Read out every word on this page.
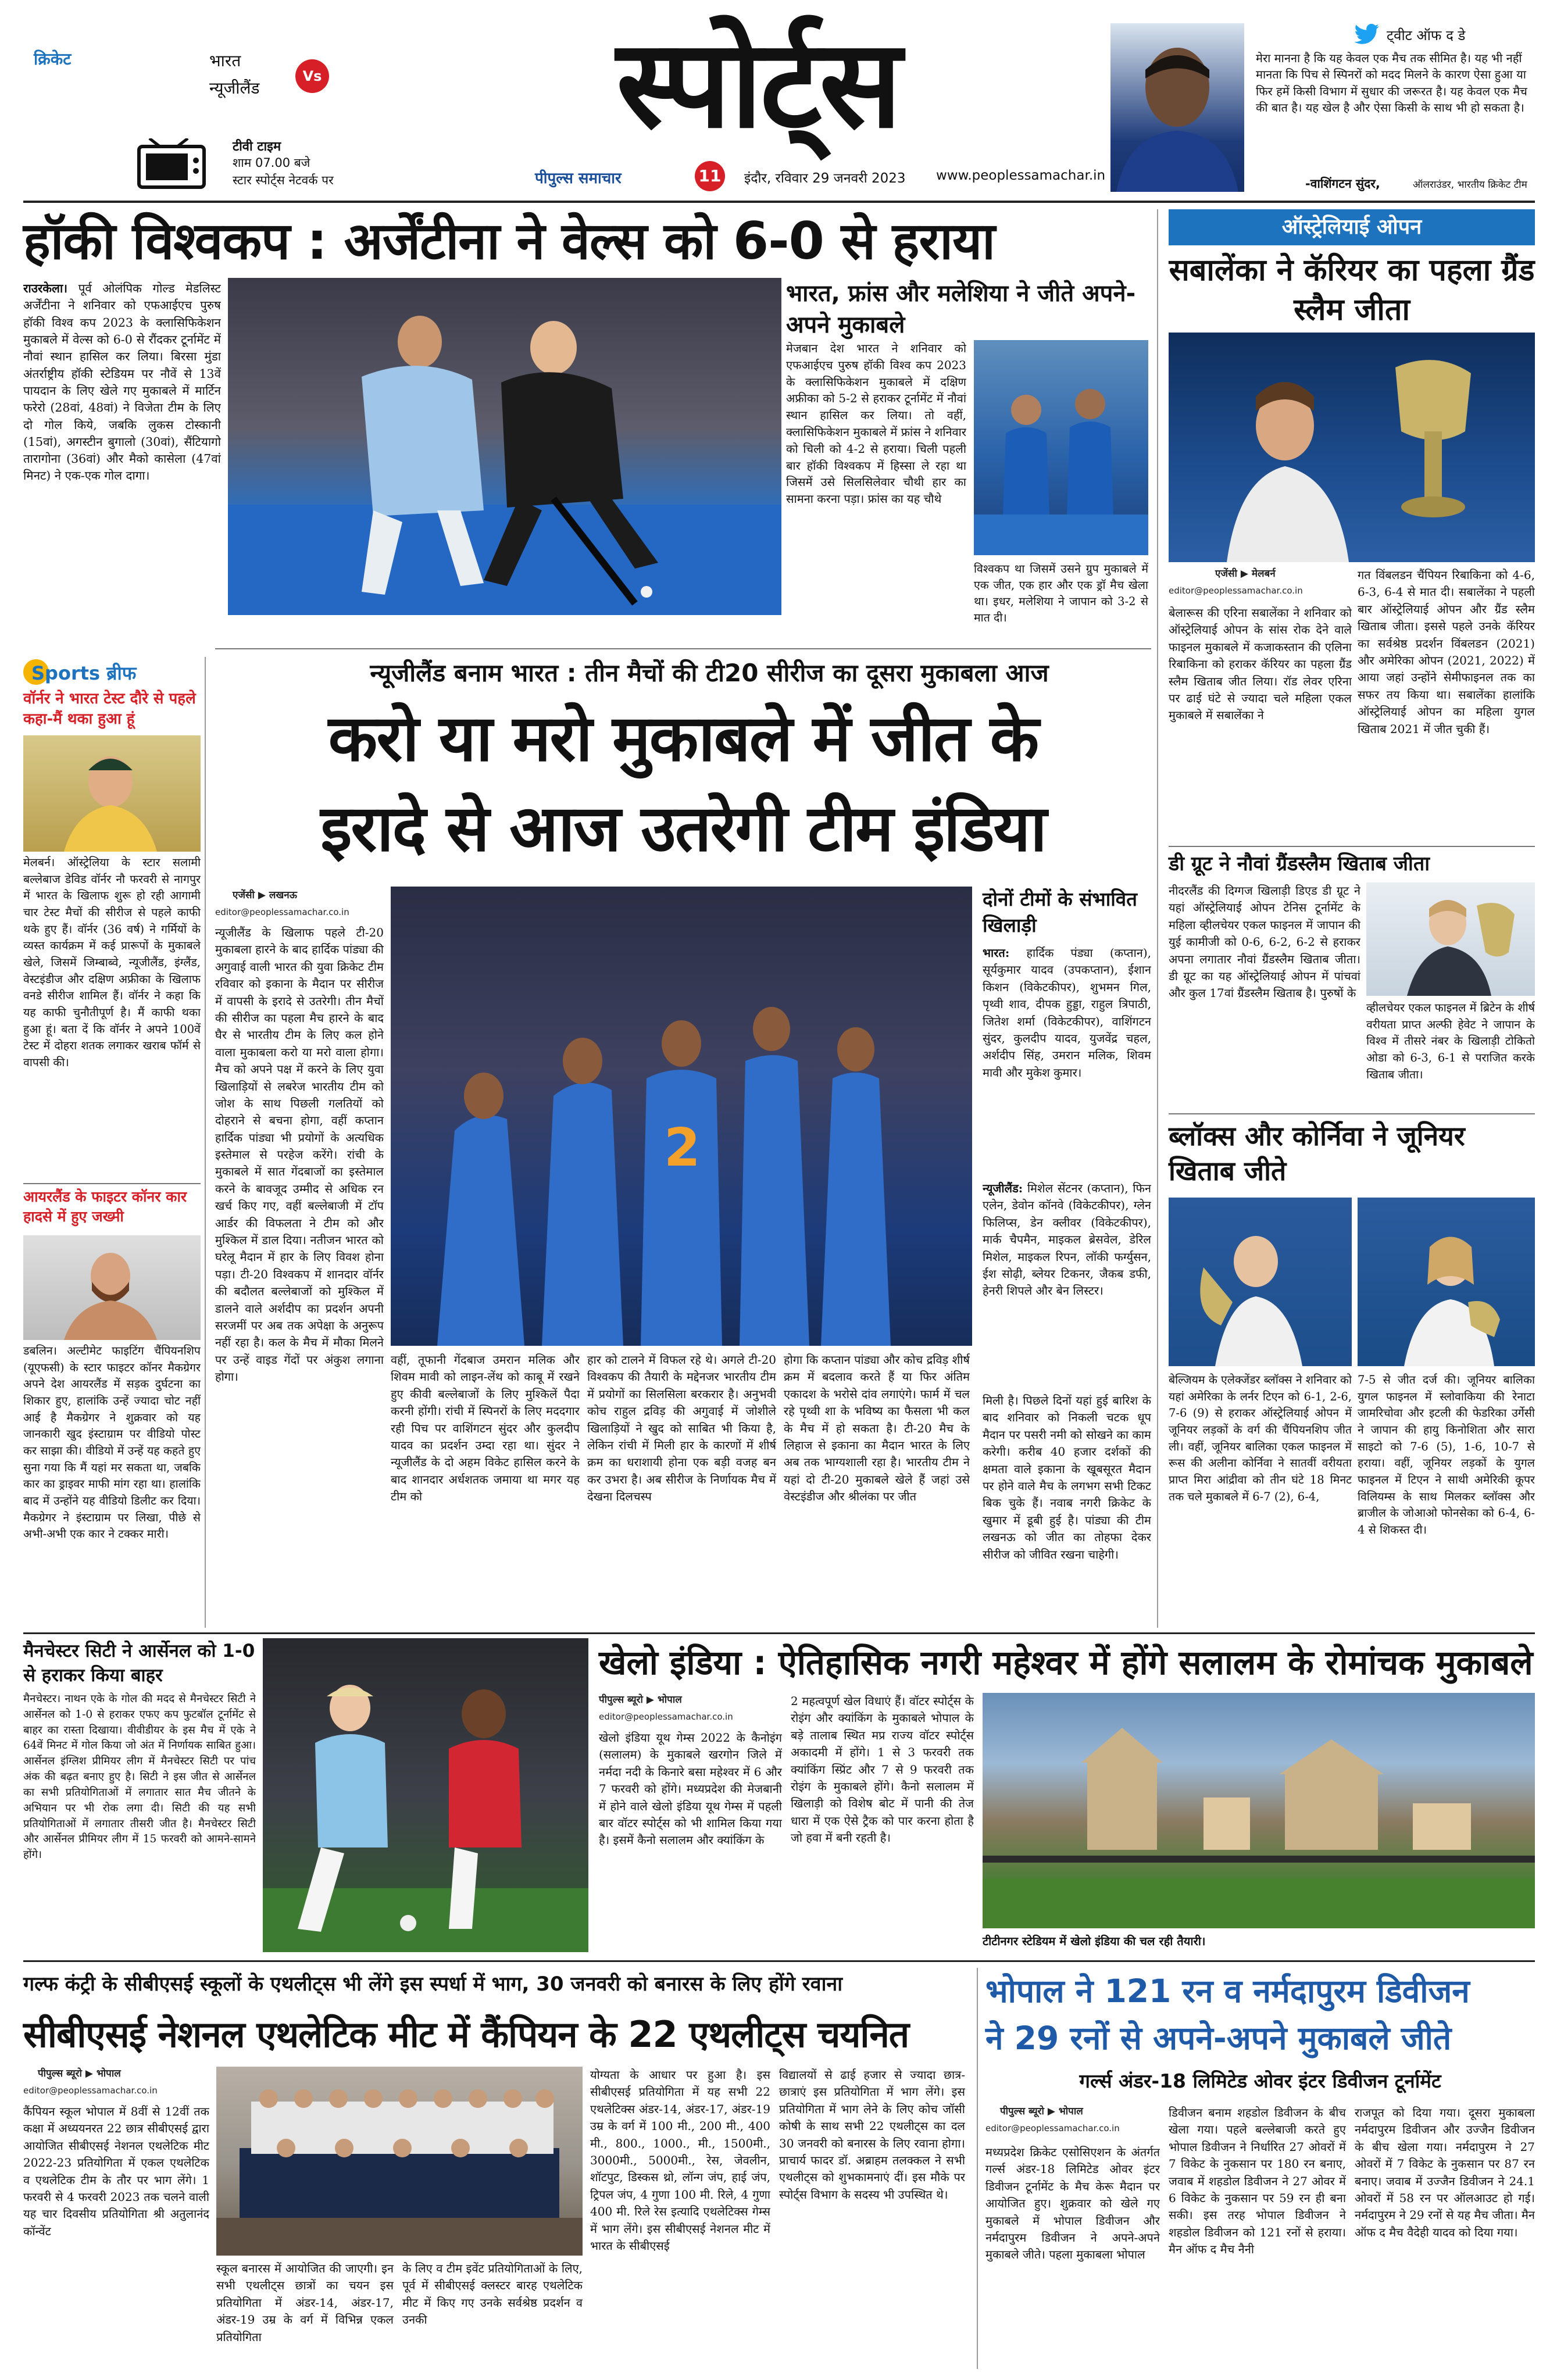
क्रिकेट	भारत
न्यूजीलैंड
Vs
टीवी टाइम
शाम 07.00 बजे
स्टार स्पोर्ट्स नेटवर्क पर
स्पोर्ट्स
पीपुल्स समाचार	11 इंदौर, रविवार 29 जनवरी 2023 www.peoplessamachar.in
ट्वीट ऑफ द डे
मेरा मानना है कि यह केवल एक मैच तक सीमित है। यह भी नहीं मानता कि पिच से स्पिनरों को मदद मिलने के कारण ऐसा हुआ या फिर हमें किसी विभाग में सुधार की जरूरत है। यह केवल एक मैच की बात है। यह खेल है और ऐसा किसी के साथ भी हो सकता है।
-वाशिंगटन सुंदर,	ऑलराउंडर, भारतीय क्रिकेट टीम
हॉकी विश्वकप : अर्जेंटीना ने वेल्स को 6-0 से हराया
राउरकेला। पूर्व ओलंपिक गोल्ड मेडलिस्ट अर्जेंटीना ने शनिवार को एफआईएच पुरुष हॉकी विश्व कप 2023 के क्लासिफिकेशन मुकाबले में वेल्स को 6-0 से रौंदकर टूर्नामेंट में नौवां स्थान हासिल कर लिया। बिरसा मुंडा अंतर्राष्ट्रीय हॉकी स्टेडियम पर नौवें से 13वें पायदान के लिए खेले गए मुकाबले में मार्टिन फरेरो (28वां, 48वां) ने विजेता टीम के लिए दो गोल किये, जबकि लुकस टोस्कानी (15वां), अगस्टीन बुगालो (30वां), सैंटियागो तारागोना (36वां) और मैको कासेला (47वां मिनट) ने एक-एक गोल दागा।
भारत, फ्रांस और मलेशिया ने जीते अपने-अपने मुकाबले
मेजबान देश भारत ने शनिवार को एफआईएच पुरुष हॉकी विश्व कप 2023 के क्लासिफिकेशन मुकाबले में दक्षिण अफ्रीका को 5-2 से हराकर टूर्नामेंट में नौवां स्थान हासिल कर लिया। तो वहीं, क्लासिफिकेशन मुकाबले में फ्रांस ने शनिवार को चिली को 4-2 से हराया। चिली पहली बार हॉकी विश्वकप में हिस्सा ले रहा था जिसमें उसे सिलसिलेवार चौथी हार का सामना करना पड़ा। फ्रांस का यह चौथे
विश्वकप था जिसमें उसने ग्रुप मुकाबले में एक जीत, एक हार और एक ड्रॉ मैच खेला था। इधर, मलेशिया ने जापान को 3-2 से मात दी।
ऑस्ट्रेलियाई ओपन
सबालेंका ने कॅरियर का पहला ग्रैंड स्लैम जीता
एजेंसी ▶ मेलबर्न
editor@peoplessamachar.co.in
बेलारूस की एरिना सबालेंका ने शनिवार को ऑस्ट्रेलियाई ओपन के सांस रोक देने वाले फाइनल मुकाबले में कजाकस्तान की एलिना रिबाकिना को हराकर कॅरियर का पहला ग्रैंड स्लैम खिताब जीत लिया। रॉड लेवर एरिना पर ढाई घंटे से ज्यादा चले महिला एकल मुकाबले में सबालेंका ने
गत विंबलडन चैंपियन रिबाकिना को 4-6, 6-3, 6-4 से मात दी। सबालेंका ने पहली बार ऑस्ट्रेलियाई ओपन और ग्रैंड स्लैम खिताब जीता। इससे पहले उनके कॅरियर का सर्वश्रेष्ठ प्रदर्शन विंबलडन (2021) और अमेरिका ओपन (2021, 2022) में आया जहां उन्होंने सेमीफाइनल तक का सफर तय किया था। सबालेंका हालांकि ऑस्ट्रेलियाई ओपन का महिला युगल खिताब 2021 में जीत चुकी हैं।
डी ग्रूट ने नौवां ग्रैंडस्लैम खिताब जीता
नीदरलैंड की दिग्गज खिलाड़ी डिएड डी ग्रूट ने यहां ऑस्ट्रेलियाई ओपन टेनिस टूर्नामेंट के महिला व्हीलचेयर एकल फाइनल में जापान की युई कामीजी को 0-6, 6-2, 6-2 से हराकर अपना लगातार नौवां ग्रैंडस्लैम खिताब जीता। डी ग्रूट का यह ऑस्ट्रेलियाई ओपन में पांचवां और कुल 17वां ग्रैंडस्लैम खिताब है। पुरुषों के
व्हीलचेयर एकल फाइनल में ब्रिटेन के शीर्ष वरीयता प्राप्त अल्फी हेवेट ने जापान के विश्व में तीसरे नंबर के खिलाड़ी टोकितो ओडा को 6-3, 6-1 से पराजित करके खिताब जीता।
ब्लॉक्स और कोर्निवा ने जूनियर खिताब जीते
बेल्जियम के एलेक्जेंडर ब्लॉक्स ने शनिवार को यहां अमेरिका के लर्नर टिएन को 6-1, 2-6, 7-6 (9) से हराकर ऑस्ट्रेलियाई ओपन में जूनियर लड़कों के वर्ग की चैंपियनशिप जीत ली। वहीं, जूनियर बालिका एकल फाइनल में रूस की अलीना कोर्निवा ने सातवीं वरीयता प्राप्त मिरा आंद्रीवा को तीन घंटे 18 मिनट तक चले मुकाबले में 6-7 (2), 6-4,
7-5 से जीत दर्ज की। जूनियर बालिका युगल फाइनल में स्लोवाकिया की रेनाटा जामरिचोवा और इटली की फेडरिका उर्गेसी ने जापान की हायु किनोशिता और सारा साइटो को 7-6 (5), 1-6, 10-7 से हराया। वहीं, जूनियर लड़कों के युगल फाइनल में टिएन ने साथी अमेरिकी कूपर विलियम्स के साथ मिलकर ब्लॉक्स और ब्राजील के जोआओ फोनसेका को 6-4, 6-4 से शिकस्त दी।
Sports ब्रीफ
वॉर्नर ने भारत टेस्ट दौरे से पहले कहा-मैं थका हुआ हूं
मेलबर्न। ऑस्ट्रेलिया के स्टार सलामी बल्लेबाज डेविड वॉर्नर नौ फरवरी से नागपुर में भारत के खिलाफ शुरू हो रही आगामी चार टेस्ट मैचों की सीरीज से पहले काफी थके हुए हैं। वॉर्नर (36 वर्ष) ने गर्मियों के व्यस्त कार्यक्रम में कई प्रारूपों के मुकाबले खेले, जिसमें जिम्बाब्वे, न्यूजीलैंड, इंग्लैंड, वेस्टइंडीज और दक्षिण अफ्रीका के खिलाफ वनडे सीरीज शामिल हैं। वॉर्नर ने कहा कि यह काफी चुनौतीपूर्ण है। मैं काफी थका हुआ हूं। बता दें कि वॉर्नर ने अपने 100वें टेस्ट में दोहरा शतक लगाकर खराब फॉर्म से वापसी की।
आयरलैंड के फाइटर कॉनर कार हादसे में हुए जख्मी
डबलिन। अल्टीमेट फाइटिंग चैंपियनशिप (यूएफसी) के स्टार फाइटर कॉनर मैकग्रेगर अपने देश आयरलैंड में सड़क दुर्घटना का शिकार हुए, हालांकि उन्हें ज्यादा चोट नहीं आई है मैकग्रेगर ने शुक्रवार को यह जानकारी खुद इंस्टाग्राम पर वीडियो पोस्ट कर साझा की। वीडियो में उन्हें यह कहते हुए सुना गया कि मैं यहां मर सकता था, जबकि कार का ड्राइवर माफी मांग रहा था। हालांकि बाद में उन्होंने यह वीडियो डिलीट कर दिया। मैकग्रेगर ने इंस्टाग्राम पर लिखा, पीछे से अभी-अभी एक कार ने टक्कर मारी।
न्यूजीलैंड बनाम भारत : तीन मैचों की टी20 सीरीज का दूसरा मुकाबला आज
करो या मरो मुकाबले में जीत के
इरादे से आज उतरेगी टीम इंडिया
एजेंसी ▶ लखनऊ
editor@peoplessamachar.co.in
न्यूजीलैंड के खिलाफ पहले टी-20 मुकाबला हारने के बाद हार्दिक पांड्या की अगुवाई वाली भारत की युवा क्रिकेट टीम रविवार को इकाना के मैदान पर सीरीज में वापसी के इरादे से उतरेगी। तीन मैचों की सीरीज का पहला मैच हारने के बाद घैर से भारतीय टीम के लिए कल होने वाला मुकाबला करो या मरो वाला होगा। मैच को अपने पक्ष में करने के लिए युवा खिलाड़ियों से लबरेज भारतीय टीम को जोश के साथ पिछली गलतियों को दोहराने से बचना होगा, वहीं कप्तान हार्दिक पांड्या भी प्रयोगों के अत्यधिक इस्तेमाल से परहेज करेंगे। रांची के मुकाबले में सात गेंदबाजों का इस्तेमाल करने के बावजूद उम्मीद से अधिक रन खर्च किए गए, वहीं बल्लेबाजी में टॉप आर्डर की विफलता ने टीम को और मुश्किल में डाल दिया। नतीजन भारत को घरेलू मैदान में हार के लिए विवश होना पड़ा। टी-20 विश्वकप में शानदार वॉर्नर की बदौलत बल्लेबाजों को मुश्किल में डालने वाले अर्शदीप का प्रदर्शन अपनी सरजमीं पर अब तक अपेक्षा के अनुरूप नहीं रहा है। कल के मैच में मौका मिलने पर उन्हें वाइड गेंदों पर अंकुश लगाना होगा।
2
दोनों टीमों के संभावित खिलाड़ी
भारत: हार्दिक पंड्या (कप्तान), सूर्यकुमार यादव (उपकप्तान), ईशान किशन (विकेटकीपर), शुभमन गिल, पृथ्वी शाव, दीपक हुड्डा, राहुल त्रिपाठी, जितेश शर्मा (विकेटकीपर), वाशिंगटन सुंदर, कुलदीप यादव, युजवेंद्र चहल, अर्शदीप सिंह, उमरान मलिक, शिवम मावी और मुकेश कुमार।
न्यूजीलैंड: मिशेल सेंटनर (कप्तान), फिन एलेन, डेवोन कॉनवे (विकेटकीपर), ग्लेन फिलिप्स, डेन क्लीवर (विकेटकीपर), मार्क चैपमैन, माइकल ब्रेसवेल, डेरिल मिशेल, माइकल रिपन, लॉकी फर्ग्युसन, ईश सोढ़ी, ब्लेयर टिकनर, जैकब डफी, हेनरी शिपले और बेन लिस्टर।
वहीं, तूफानी गेंदबाज उमरान मलिक और शिवम मावी को लाइन-लेंथ को काबू में रखने हुए कीवी बल्लेबाजों के लिए मुश्किलें पैदा करनी होंगी। रांची में स्पिनरों के लिए मददगार रही पिच पर वाशिंगटन सुंदर और कुलदीप यादव का प्रदर्शन उम्दा रहा था। सुंदर ने न्यूजीलैंड के दो अहम विकेट हासिल करने के बाद शानदार अर्धशतक जमाया था मगर यह टीम को
हार को टालने में विफल रहे थे। अगले टी-20 विश्वकप की तैयारी के मद्देनजर भारतीय टीम में प्रयोगों का सिलसिला बरकरार है। अनुभवी कोच राहुल द्रविड़ की अगुवाई में जोशीले खिलाड़ियों ने खुद को साबित भी किया है, लेकिन रांची में मिली हार के कारणों में शीर्ष क्रम का धराशायी होना एक बड़ी वजह बन कर उभरा है। अब सीरीज के निर्णायक मैच में देखना दिलचस्प
होगा कि कप्तान पांड्या और कोच द्रविड़ शीर्ष क्रम में बदलाव करते हैं या फिर अंतिम एकादश के भरोसे दांव लगाएंगे। फार्म में चल रहे पृथ्वी शा के भविष्य का फैसला भी कल के मैच में हो सकता है। टी-20 मैच के लिहाज से इकाना का मैदान भारत के लिए अब तक भाग्यशाली रहा है। भारतीय टीम ने यहां दो टी-20 मुकाबले खेले हैं जहां उसे वेस्टइंडीज और श्रीलंका पर जीत
मिली है। पिछले दिनों यहां हुई बारिश के बाद शनिवार को निकली चटक धूप मैदान पर पसरी नमी को सोखने का काम करेगी। करीब 40 हजार दर्शकों की क्षमता वाले इकाना के खूबसूरत मैदान पर होने वाले मैच के लगभग सभी टिकट बिक चुके हैं। नवाब नगरी क्रिकेट के खुमार में डूबी हुई है। पांड्या की टीम लखनऊ को जीत का तोहफा देकर सीरीज को जीवित रखना चाहेगी।
मैनचेस्टर सिटी ने आर्सेनल को 1-0 से हराकर किया बाहर
मैनचेस्टर। नाथन एके के गोल की मदद से मैनचेस्टर सिटी ने आर्सेनल को 1-0 से हराकर एफए कप फुटबॉल टूर्नामेंट से बाहर का रास्ता दिखाया। वीवीडीयर के इस मैच में एके ने 64वें मिनट में गोल किया जो अंत में निर्णायक साबित हुआ। आर्सेनल इंग्लिश प्रीमियर लीग में मैनचेस्टर सिटी पर पांच अंक की बढ़त बनाए हुए है। सिटी ने इस जीत से आर्सेनल का सभी प्रतियोगिताओं में लगातार सात मैच जीतने के अभियान पर भी रोक लगा दी। सिटी की यह सभी प्रतियोगिताओं में लगातार तीसरी जीत है। मैनचेस्टर सिटी और आर्सेनल प्रीमियर लीग में 15 फरवरी को आमने-सामने होंगे।
खेलो इंडिया : ऐतिहासिक नगरी महेश्वर में होंगे सलालम के रोमांचक मुकाबले
पीपुल्स ब्यूरो ▶ भोपाल
editor@peoplessamachar.co.in
खेलो इंडिया यूथ गेम्स 2022 के कैनोइंग (सलालम) के मुकाबले खरगोन जिले में नर्मदा नदी के किनारे बसा महेश्वर में 6 और 7 फरवरी को होंगे। मध्यप्रदेश की मेजबानी में होने वाले खेलो इंडिया यूथ गेम्स में पहली बार वॉटर स्पोर्ट्स को भी शामिल किया गया है। इसमें कैनो सलालम और क्यांकिंग के
2 महत्वपूर्ण खेल विधाएं हैं। वॉटर स्पोर्ट्स के रोइंग और क्यांकिंग के मुकाबले भोपाल के बड़े तालाब स्थित मप्र राज्य वॉटर स्पोर्ट्स अकादमी में होंगे। 1 से 3 फरवरी तक क्यांकिंग स्प्रिंट और 7 से 9 फरवरी तक रोइंग के मुकाबले होंगे। कैनो सलालम में खिलाड़ी को विशेष बोट में पानी की तेज धारा में एक ऐसे ट्रैक को पार करना होता है जो हवा में बनी रहती है।
टीटीनगर स्टेडियम में खेलो इंडिया की चल रही तैयारी।
गल्फ कंट्री के सीबीएसई स्कूलों के एथलीट्स भी लेंगे इस स्पर्धा में भाग, 30 जनवरी को बनारस के लिए होंगे रवाना
सीबीएसई नेशनल एथलेटिक मीट में कैंपियन के 22 एथलीट्स चयनित
पीपुल्स ब्यूरो ▶ भोपाल
editor@peoplessamachar.co.in
कैंपियन स्कूल भोपाल में 8वीं से 12वीं तक कक्षा में अध्ययनरत 22 छात्र सीबीएसई द्वारा आयोजित सीबीएसई नेशनल एथलेटिक मीट 2022-23 प्रतियोगिता में एकल एथलेटिक व एथलेटिक टीम के तौर पर भाग लेंगे। 1 फरवरी से 4 फरवरी 2023 तक चलने वाली यह चार दिवसीय प्रतियोगिता श्री अतुलानंद कॉन्वेंट
स्कूल बनारस में आयोजित की जाएगी। इन सभी एथलीट्स छात्रों का चयन इस प्रतियोगिता में अंडर-14, अंडर-17, अंडर-19 उम्र के वर्ग में विभिन्न एकल प्रतियोगिता
के लिए व टीम इवेंट प्रतियोगिताओं के लिए, पूर्व में सीबीएसई क्लस्टर बारह एथलेटिक मीट में किए गए उनके सर्वश्रेष्ठ प्रदर्शन व उनकी
योग्यता के आधार पर हुआ है। इस सीबीएसई प्रतियोगिता में यह सभी 22 एथलेटिक्स अंडर-14, अंडर-17, अंडर-19 उम्र के वर्ग में 100 मी., 200 मी., 400 मी., 800., 1000., मी., 1500मी., 3000मी., 5000मी., रेस, जेवलीन, शॉटपुट, डिस्कस थ्रो, लॉन्ग जंप, हाई जंप, ट्रिपल जंप, 4 गुणा 100 मी. रिले, 4 गुणा 400 मी. रिले रेस इत्यादि एथलेटिक्स गेम्स में भाग लेंगे। इस सीबीएसई नेशनल मीट में भारत के सीबीएसई
विद्यालयों से ढाई हजार से ज्यादा छात्र-छात्राएं इस प्रतियोगिता में भाग लेंगे। इस प्रतियोगिता में भाग लेने के लिए कोच जॉसी कोषी के साथ सभी 22 एथलीट्स का दल 30 जनवरी को बनारस के लिए रवाना होगा। प्राचार्य फादर डॉ. अब्राहम तलक्कल ने सभी एथलीट्स को शुभकामनाएं दीं। इस मौके पर स्पोर्ट्स विभाग के सदस्य भी उपस्थित थे।
भोपाल ने 121 रन व नर्मदापुरम डिवीजन
ने 29 रनों से अपने-अपने मुकाबले जीते
गर्ल्स अंडर-18 लिमिटेड ओवर इंटर डिवीजन टूर्नामेंट
पीपुल्स ब्यूरो ▶ भोपाल
editor@peoplessamachar.co.in
मध्यप्रदेश क्रिकेट एसोसिएशन के अंतर्गत गर्ल्स अंडर-18 लिमिटेड ओवर इंटर डिवीजन टूर्नामेंट के मैच केरू मैदान पर आयोजित हुए। शुक्रवार को खेले गए मुकाबले में भोपाल डिवीजन और नर्मदापुरम डिवीजन ने अपने-अपने मुकाबले जीते। पहला मुकाबला भोपाल
डिवीजन बनाम शहडोल डिवीजन के बीच खेला गया। पहले बल्लेबाजी करते हुए भोपाल डिवीजन ने निर्धारित 27 ओवरों में 7 विकेट के नुकसान पर 180 रन बनाए, जवाब में शहडोल डिवीजन ने 27 ओवर में 6 विकेट के नुकसान पर 59 रन ही बना सकी। इस तरह भोपाल डिवीजन ने शहडोल डिवीजन को 121 रनों से हराया। मैन ऑफ द मैच नैनी
राजपूत को दिया गया। दूसरा मुकाबला नर्मदापुरम डिवीजन और उज्जैन डिवीजन के बीच खेला गया। नर्मदापुरम ने 27 ओवरों में 7 विकेट के नुकसान पर 87 रन बनाए। जवाब में उज्जैन डिवीजन ने 24.1 ओवरों में 58 रन पर ऑलआउट हो गई। नर्मदापुरम ने 29 रनों से यह मैच जीता। मैन ऑफ द मैच वैदेही यादव को दिया गया।
